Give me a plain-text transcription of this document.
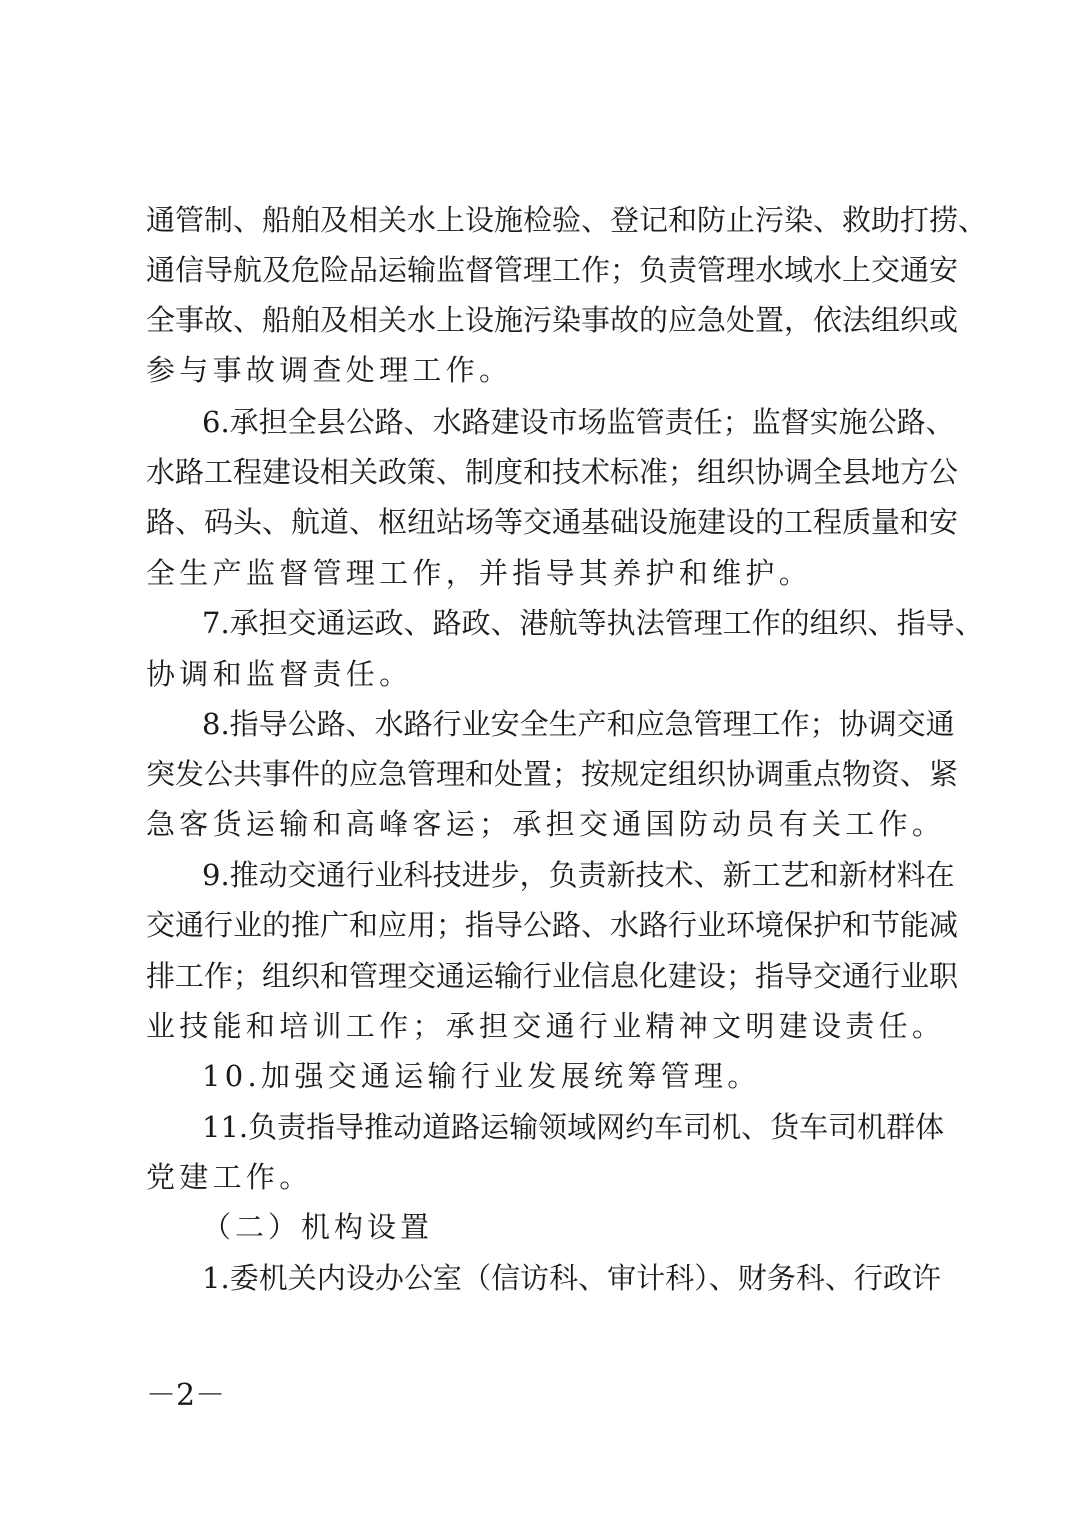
通管制、船舶及相关水上设施检验、登记和防止污染、救助打捞、
通信导航及危险品运输监督管理工作；负责管理水域水上交通安
全事故、船舶及相关水上设施污染事故的应急处置，依法组织或
参与事故调查处理工作。
6.承担全县公路、水路建设市场监管责任；监督实施公路、
水路工程建设相关政策、制度和技术标准；组织协调全县地方公
路、码头、航道、枢纽站场等交通基础设施建设的工程质量和安
全生产监督管理工作，并指导其养护和维护。
7.承担交通运政、路政、港航等执法管理工作的组织、指导、
协调和监督责任。
8.指导公路、水路行业安全生产和应急管理工作；协调交通
突发公共事件的应急管理和处置；按规定组织协调重点物资、紧
急客货运输和高峰客运；承担交通国防动员有关工作。
9.推动交通行业科技进步，负责新技术、新工艺和新材料在
交通行业的推广和应用；指导公路、水路行业环境保护和节能减
排工作；组织和管理交通运输行业信息化建设；指导交通行业职
业技能和培训工作；承担交通行业精神文明建设责任。
10.加强交通运输行业发展统筹管理。
11.负责指导推动道路运输领域网约车司机、货车司机群体
党建工作。
（二）机构设置
1.委机关内设办公室（信访科、审计科）、财务科、行政许
－2－
